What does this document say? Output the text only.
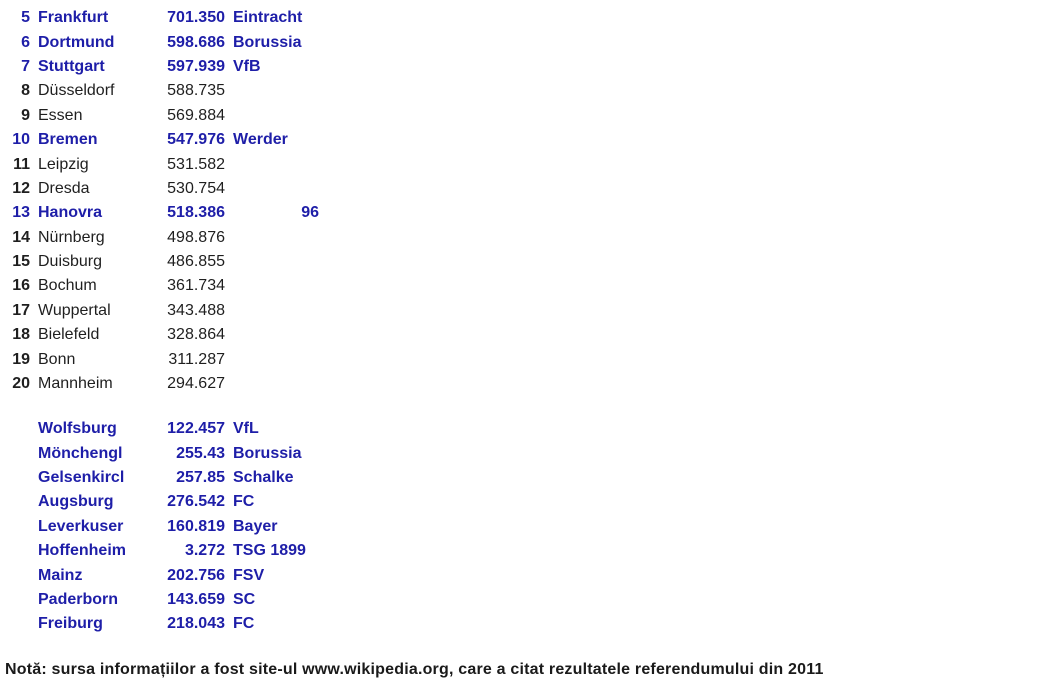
5 Frankfurt	701.350 Eintracht
6 Dortmund	598.686 Borussia
7 Stuttgart	597.939 VfB
8 Düsseldorf	588.735
9 Essen	569.884
10 Bremen	547.976 Werder
11 Leipzig	531.582
12 Dresda	530.754
13 Hanovra	518.386	96
14 Nürnberg	498.876
15 Duisburg	486.855
16 Bochum	361.734
17 Wuppertal	343.488
18 Bielefeld	328.864
19 Bonn	311.287
20 Mannheim	294.627
Wolfsburg	122.457 VfL
Mönchengl	255.43 Borussia
Gelsenkircl	257.85 Schalke
Augsburg	276.542 FC
Leverkuser	160.819 Bayer
Hoffenheim	3.272 TSG 1899
Mainz	202.756 FSV
Paderborn	143.659 SC
Freiburg	218.043 FC
Notă: sursa informațiilor a fost site-ul www.wikipedia.org, care a citat rezultatele referendumului din 2011
